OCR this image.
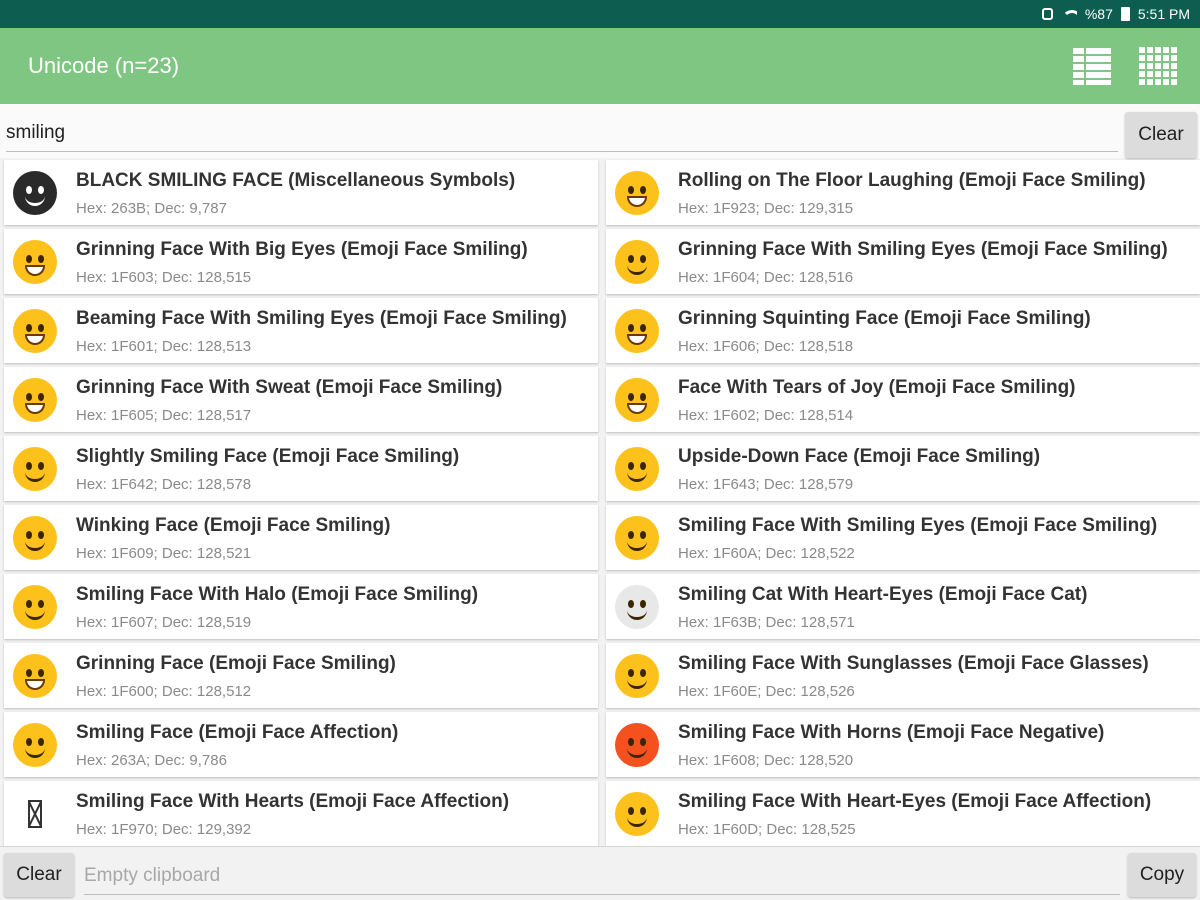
%87 5:51 PM
Unicode (n=23)
smiling
Clear
BLACK SMILING FACE (Miscellaneous Symbols)
Hex: 263B; Dec: 9,787
Rolling on The Floor Laughing (Emoji Face Smiling)
Hex: 1F923; Dec: 129,315
Grinning Face With Big Eyes (Emoji Face Smiling)
Hex: 1F603; Dec: 128,515
Grinning Face With Smiling Eyes (Emoji Face Smiling)
Hex: 1F604; Dec: 128,516
Beaming Face With Smiling Eyes (Emoji Face Smiling)
Hex: 1F601; Dec: 128,513
Grinning Squinting Face (Emoji Face Smiling)
Hex: 1F606; Dec: 128,518
Grinning Face With Sweat (Emoji Face Smiling)
Hex: 1F605; Dec: 128,517
Face With Tears of Joy (Emoji Face Smiling)
Hex: 1F602; Dec: 128,514
Slightly Smiling Face (Emoji Face Smiling)
Hex: 1F642; Dec: 128,578
Upside-Down Face (Emoji Face Smiling)
Hex: 1F643; Dec: 128,579
Winking Face (Emoji Face Smiling)
Hex: 1F609; Dec: 128,521
Smiling Face With Smiling Eyes (Emoji Face Smiling)
Hex: 1F60A; Dec: 128,522
Smiling Face With Halo (Emoji Face Smiling)
Hex: 1F607; Dec: 128,519
Smiling Cat With Heart-Eyes (Emoji Face Cat)
Hex: 1F63B; Dec: 128,571
Grinning Face (Emoji Face Smiling)
Hex: 1F600; Dec: 128,512
Smiling Face With Sunglasses (Emoji Face Glasses)
Hex: 1F60E; Dec: 128,526
Smiling Face (Emoji Face Affection)
Hex: 263A; Dec: 9,786
Smiling Face With Horns (Emoji Face Negative)
Hex: 1F608; Dec: 128,520
Smiling Face With Hearts (Emoji Face Affection)
Hex: 1F970; Dec: 129,392
Smiling Face With Heart-Eyes (Emoji Face Affection)
Hex: 1F60D; Dec: 128,525
Clear
Empty clipboard	Copy
